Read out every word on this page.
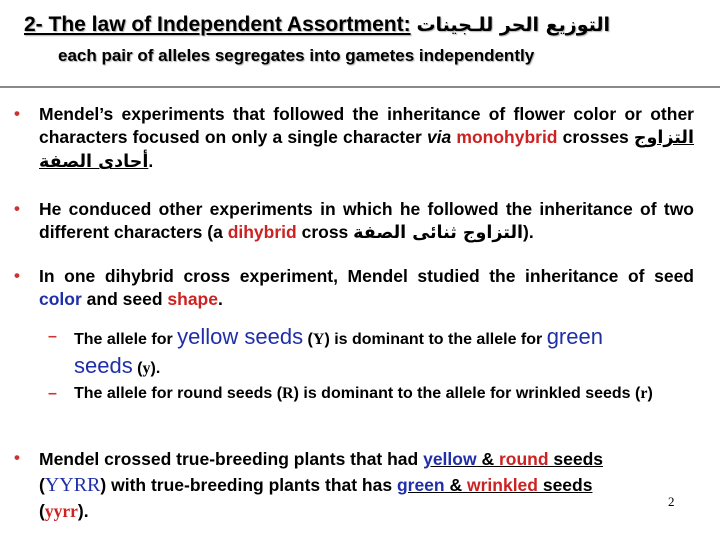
2- The law of Independent Assortment: التوزيع الحر للـجينات
each pair of alleles segregates into gametes independently
• Mendel’s experiments that followed the inheritance of flower color or other characters focused on only a single character via monohybrid crosses التزاوج أحادى الصفة.
• He conduced other experiments in which he followed the inheritance of two different characters (a dihybrid cross التزاوج ثنائى الصفة).
• In one dihybrid cross experiment, Mendel studied the inheritance of seed color and seed shape.
– The allele for yellow seeds (Y) is dominant to the allele for green
seeds (y).
– The allele for round seeds (R) is dominant to the allele for wrinkled seeds (r)
• Mendel crossed true-breeding plants that had yellow & round seeds
(YYRR) with true-breeding plants that has green & wrinkled seeds
(yyrr).	2
